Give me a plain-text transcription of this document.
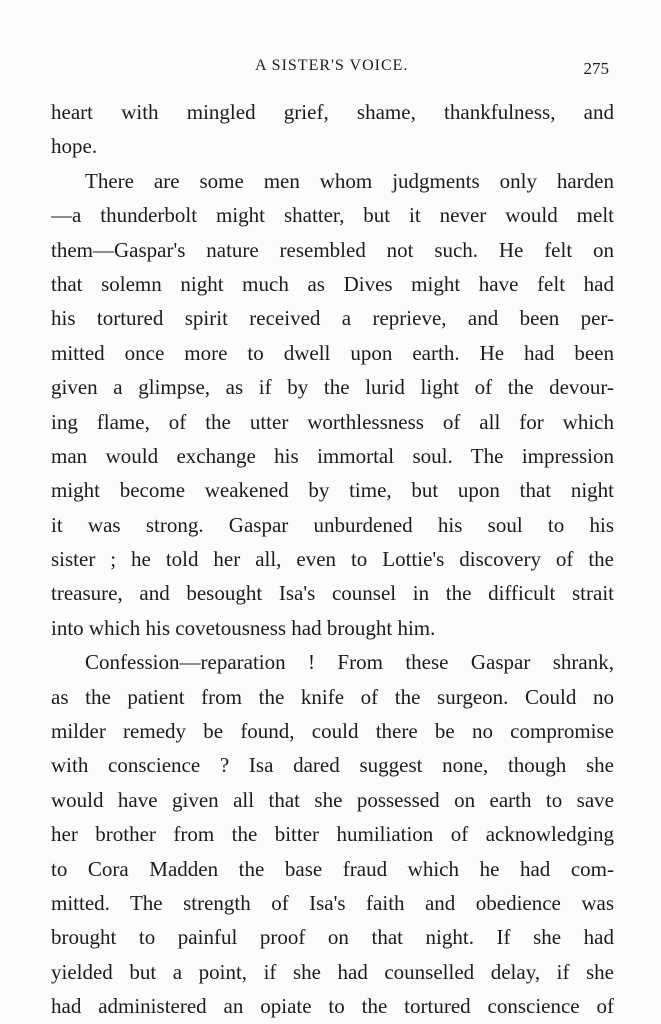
A SISTER'S VOICE.	275
heart with mingled grief, shame, thankfulness, and
hope.
There are some men whom judgments only harden
—a thunderbolt might shatter, but it never would melt
them—Gaspar's nature resembled not such. He felt on
that solemn night much as Dives might have felt had
his tortured spirit received a reprieve, and been per-
mitted once more to dwell upon earth. He had been
given a glimpse, as if by the lurid light of the devour-
ing flame, of the utter worthlessness of all for which
man would exchange his immortal soul. The impression
might become weakened by time, but upon that night
it was strong. Gaspar unburdened his soul to his
sister ; he told her all, even to Lottie's discovery of the
treasure, and besought Isa's counsel in the difficult strait
into which his covetousness had brought him.
Confession—reparation ! From these Gaspar shrank,
as the patient from the knife of the surgeon. Could no
milder remedy be found, could there be no compromise
with conscience ? Isa dared suggest none, though she
would have given all that she possessed on earth to save
her brother from the bitter humiliation of acknowledging
to Cora Madden the base fraud which he had com-
mitted. The strength of Isa's faith and obedience was
brought to painful proof on that night. If she had
yielded but a point, if she had counselled delay, if she
had administered an opiate to the tortured conscience of
